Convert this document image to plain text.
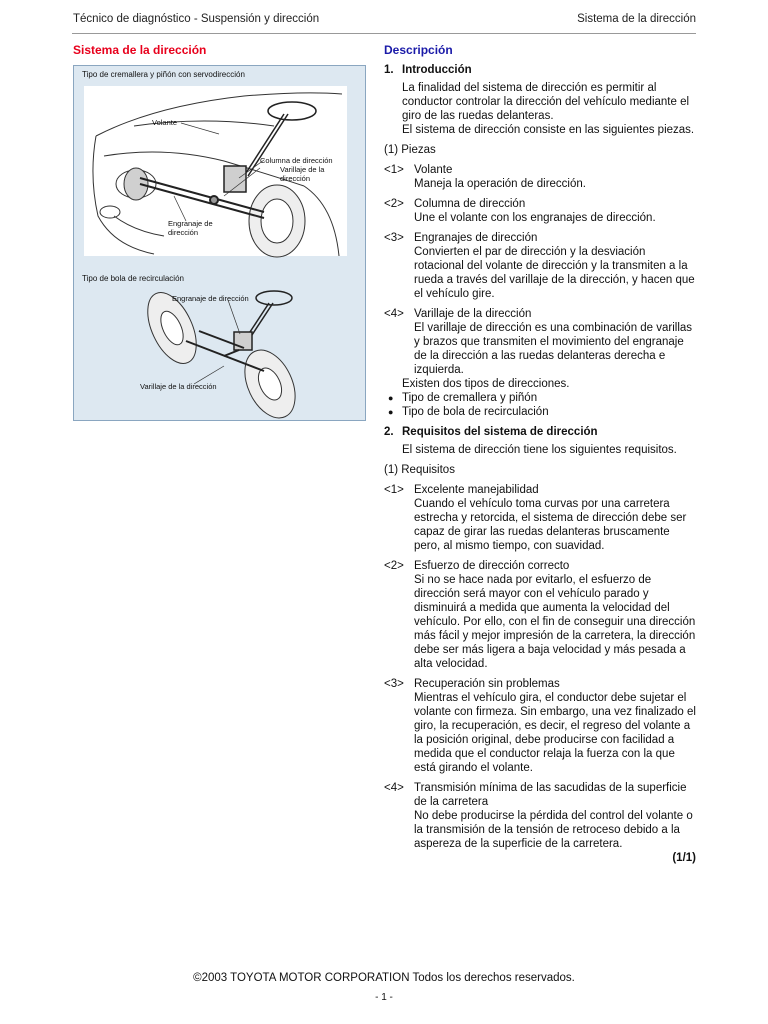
Técnico de diagnóstico - Suspensión y dirección	Sistema de la dirección
Sistema de la dirección	Descripción
Tipo de cremallera y piñón con servodirección
Volante
Columna de dirección
Varillaje de la dirección
Engranaje de dirección
Tipo de bola de recirculación
Engranaje de dirección
Varillaje de la dirección
1. Introducción
La finalidad del sistema de dirección es permitir al conductor controlar la dirección del vehículo mediante el giro de las ruedas delanteras.
El sistema de dirección consiste en las siguientes piezas.
(1) Piezas
<1> Volante
Maneja la operación de dirección.
<2> Columna de dirección
Une el volante con los engranajes de dirección.
<3> Engranajes de dirección
Convierten el par de dirección y la desviación rotacional del volante de dirección y la transmiten a la rueda a través del varillaje de la dirección, y hacen que el vehículo gire.
<4> Varillaje de la dirección
El varillaje de dirección es una combinación de varillas y brazos que transmiten el movimiento del engranaje de la dirección a las ruedas delanteras derecha e izquierda.
Existen dos tipos de direcciones.
● Tipo de cremallera y piñón
● Tipo de bola de recirculación
2. Requisitos del sistema de dirección
El sistema de dirección tiene los siguientes requisitos.
(1) Requisitos
<1> Excelente manejabilidad
Cuando el vehículo toma curvas por una carretera estrecha y retorcida, el sistema de dirección debe ser capaz de girar las ruedas delanteras bruscamente pero, al mismo tiempo, con suavidad.
<2> Esfuerzo de dirección correcto
Si no se hace nada por evitarlo, el esfuerzo de dirección será mayor con el vehículo parado y disminuirá a medida que aumenta la velocidad del vehículo. Por ello, con el fin de conseguir una dirección más fácil y mejor impresión de la carretera, la dirección debe ser más ligera a baja velocidad y más pesada a alta velocidad.
<3> Recuperación sin problemas
Mientras el vehículo gira, el conductor debe sujetar el volante con firmeza. Sin embargo, una vez finalizado el giro, la recuperación, es decir, el regreso del volante a la posición original, debe producirse con facilidad a medida que el conductor relaja la fuerza con la que está girando el volante.
<4> Transmisión mínima de las sacudidas de la superficie de la carretera
No debe producirse la pérdida del control del volante o la transmisión de la tensión de retroceso debido a la aspereza de la superficie de la carretera.
(1/1)
©2003 TOYOTA MOTOR CORPORATION Todos los derechos reservados.
- 1 -
